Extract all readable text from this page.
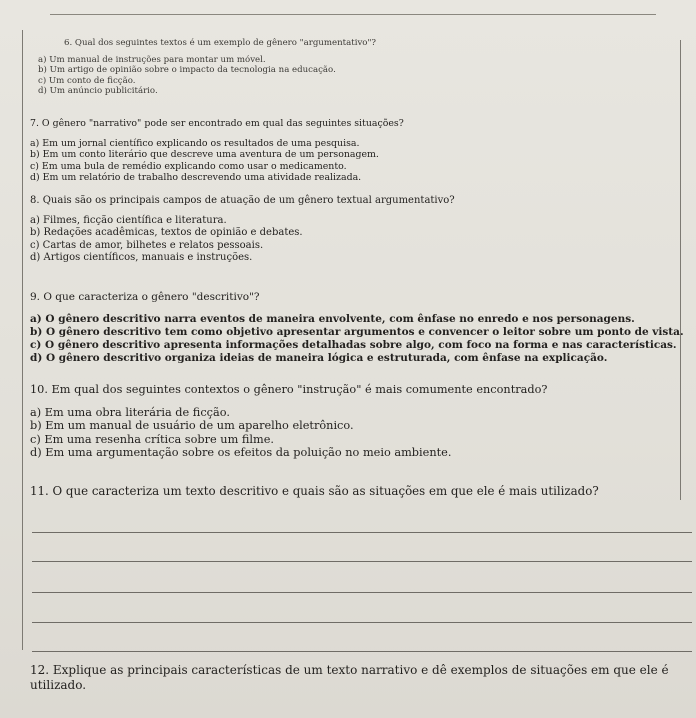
6. Qual dos seguintes textos é um exemplo de gênero "argumentativo"?
a) Um manual de instruções para montar um móvel.
b) Um artigo de opinião sobre o impacto da tecnologia na educação.
c) Um conto de ficção.
d) Um anúncio publicitário.
7. O gênero "narrativo" pode ser encontrado em qual das seguintes situações?
a) Em um jornal científico explicando os resultados de uma pesquisa.
b) Em um conto literário que descreve uma aventura de um personagem.
c) Em uma bula de remédio explicando como usar o medicamento.
d) Em um relatório de trabalho descrevendo uma atividade realizada.
8. Quais são os principais campos de atuação de um gênero textual argumentativo?
a) Filmes, ficção científica e literatura.
b) Redações acadêmicas, textos de opinião e debates.
c) Cartas de amor, bilhetes e relatos pessoais.
d) Artigos científicos, manuais e instruções.
9. O que caracteriza o gênero "descritivo"?
a) O gênero descritivo narra eventos de maneira envolvente, com ênfase no enredo e nos personagens.
b) O gênero descritivo tem como objetivo apresentar argumentos e convencer o leitor sobre um ponto de vista.
c) O gênero descritivo apresenta informações detalhadas sobre algo, com foco na forma e nas características.
d) O gênero descritivo organiza ideias de maneira lógica e estruturada, com ênfase na explicação.
10. Em qual dos seguintes contextos o gênero "instrução" é mais comumente encontrado?
a) Em uma obra literária de ficção.
b) Em um manual de usuário de um aparelho eletrônico.
c) Em uma resenha crítica sobre um filme.
d) Em uma argumentação sobre os efeitos da poluição no meio ambiente.
11. O que caracteriza um texto descritivo e quais são as situações em que ele é mais utilizado?
12. Explique as principais características de um texto narrativo e dê exemplos de situações em que ele é utilizado.
